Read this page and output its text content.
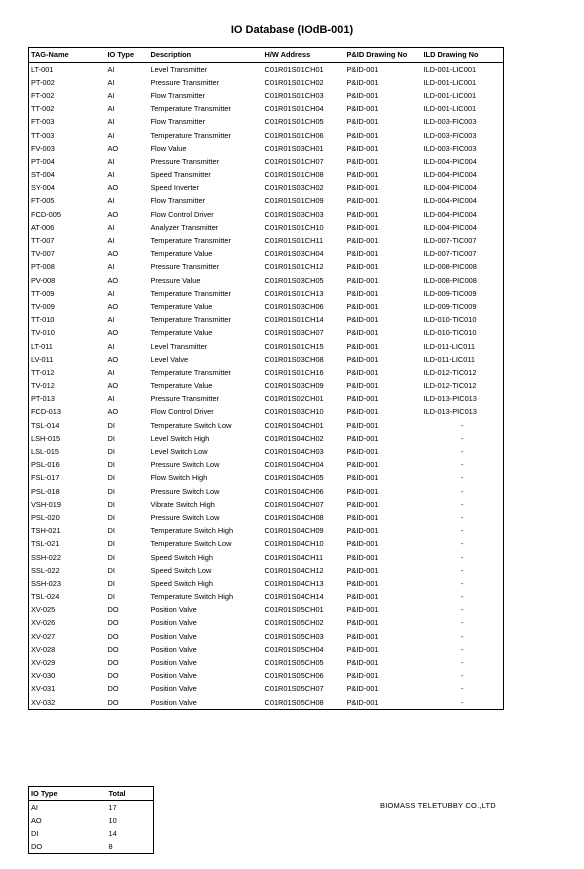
IO Database (IOdB-001)
TAG-Name	IO Type	Description	H/W Address	P&ID Drawing No	ILD Drawing No
LT-001	AI	Level Transmitter	C01R01S01CH01	P&ID-001	ILD-001-LIC001
PT-002	AI	Pressure Transmitter	C01R01S01CH02	P&ID-001	ILD-001-LIC001
FT-002	AI	Flow Transmitter	C01R01S01CH03	P&ID-001	ILD-001-LIC001
TT-002	AI	Temperature Transmitter	C01R01S01CH04	P&ID-001	ILD-001-LIC001
FT-003	AI	Flow Transmitter	C01R01S01CH05	P&ID-001	ILD-003-FIC003
TT-003	AI	Temperature Transmitter	C01R01S01CH06	P&ID-001	ILD-003-FIC003
FV-003	AO	Flow Value	C01R01S03CH01	P&ID-001	ILD-003-FIC003
PT-004	AI	Pressure Transmitter	C01R01S01CH07	P&ID-001	ILD-004-PIC004
ST-004	AI	Speed Transmitter	C01R01S01CH08	P&ID-001	ILD-004-PIC004
SY-004	AO	Speed Inverter	C01R01S03CH02	P&ID-001	ILD-004-PIC004
FT-005	AI	Flow Transmitter	C01R01S01CH09	P&ID-001	ILD-004-PIC004
FCD-005	AO	Flow Control Driver	C01R01S03CH03	P&ID-001	ILD-004-PIC004
AT-006	AI	Analyzer Transmitter	C01R01S01CH10	P&ID-001	ILD-004-PIC004
TT-007	AI	Temperature Transmitter	C01R01S01CH11	P&ID-001	ILD-007-TIC007
TV-007	AO	Temperature Value	C01R01S03CH04	P&ID-001	ILD-007-TIC007
PT-008	AI	Pressure Transmitter	C01R01S01CH12	P&ID-001	ILD-008-PIC008
PV-008	AO	Pressure Value	C01R01S03CH05	P&ID-001	ILD-008-PIC008
TT-009	AI	Temperature Transmitter	C01R01S01CH13	P&ID-001	ILD-009-TIC009
TV-009	AO	Temperature Value	C01R01S03CH06	P&ID-001	ILD-009-TIC009
TT-010	AI	Temperature Transmitter	C01R01S01CH14	P&ID-001	ILD-010-TIC010
TV-010	AO	Temperature Value	C01R01S03CH07	P&ID-001	ILD-010-TIC010
LT-011	AI	Level Transmitter	C01R01S01CH15	P&ID-001	ILD-011-LIC011
LV-011	AO	Level Valve	C01R01S03CH08	P&ID-001	ILD-011-LIC011
TT-012	AI	Temperature Transmitter	C01R01S01CH16	P&ID-001	ILD-012-TIC012
TV-012	AO	Temperature Value	C01R01S03CH09	P&ID-001	ILD-012-TIC012
PT-013	AI	Pressure Transmitter	C01R01S02CH01	P&ID-001	ILD-013-PIC013
FCD-013	AO	Flow Control Driver	C01R01S03CH10	P&ID-001	ILD-013-PIC013
TSL-014	DI	Temperature Switch Low	C01R01S04CH01	P&ID-001	-
LSH-015	DI	Level Switch High	C01R01S04CH02	P&ID-001	-
LSL-015	DI	Level Switch Low	C01R01S04CH03	P&ID-001	-
PSL-016	DI	Pressure Switch Low	C01R01S04CH04	P&ID-001	-
FSL-017	DI	Flow Switch High	C01R01S04CH05	P&ID-001	-
PSL-018	DI	Pressure Switch Low	C01R01S04CH06	P&ID-001	-
VSH-019	DI	Vibrate Switch High	C01R01S04CH07	P&ID-001	-
PSL-020	DI	Pressure Switch Low	C01R01S04CH08	P&ID-001	-
TSH-021	DI	Temperature Switch High	C01R01S04CH09	P&ID-001	-
TSL-021	DI	Temperature Switch Low	C01R01S04CH10	P&ID-001	-
SSH-022	DI	Speed Switch High	C01R01S04CH11	P&ID-001	-
SSL-022	DI	Speed Switch Low	C01R01S04CH12	P&ID-001	-
SSH-023	DI	Speed Switch High	C01R01S04CH13	P&ID-001	-
TSL-024	DI	Temperature Switch High	C01R01S04CH14	P&ID-001	-
XV-025	DO	Position Valve	C01R01S05CH01	P&ID-001	-
XV-026	DO	Position Valve	C01R01S05CH02	P&ID-001	-
XV-027	DO	Position Valve	C01R01S05CH03	P&ID-001	-
XV-028	DO	Position Valve	C01R01S05CH04	P&ID-001	-
XV-029	DO	Position Valve	C01R01S05CH05	P&ID-001	-
XV-030	DO	Position Valve	C01R01S05CH06	P&ID-001	-
XV-031	DO	Position Valve	C01R01S05CH07	P&ID-001	-
XV-032	DO	Position Valve	C01R01S05CH08	P&ID-001	-
IO Type	Total
AI	17
AO	10
DI	14
DO	8
BIOMASS TELETUBBY CO.,LTD
